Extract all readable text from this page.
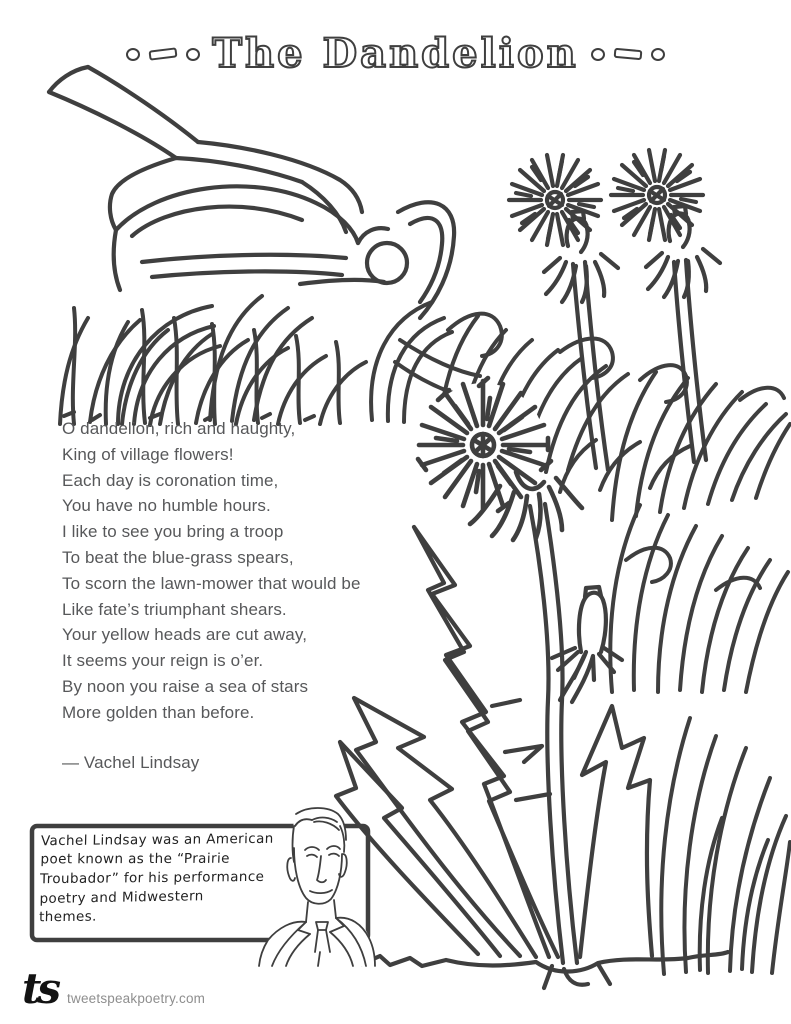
The Dandelion
O dandelion, rich and haughty,
King of village flowers!
Each day is coronation time,
You have no humble hours.
I like to see you bring a troop
To beat the blue-grass spears,
To scorn the lawn-mower that would be
Like fate’s triumphant shears.
Your yellow heads are cut away,
It seems your reign is o’er.
By noon you raise a sea of stars
More golden than before.
— Vachel Lindsay
Vachel Lindsay was an American
poet known as the “Prairie
Troubador” for his performance
poetry and Midwestern
themes.
ts tweetspeakpoetry.com
